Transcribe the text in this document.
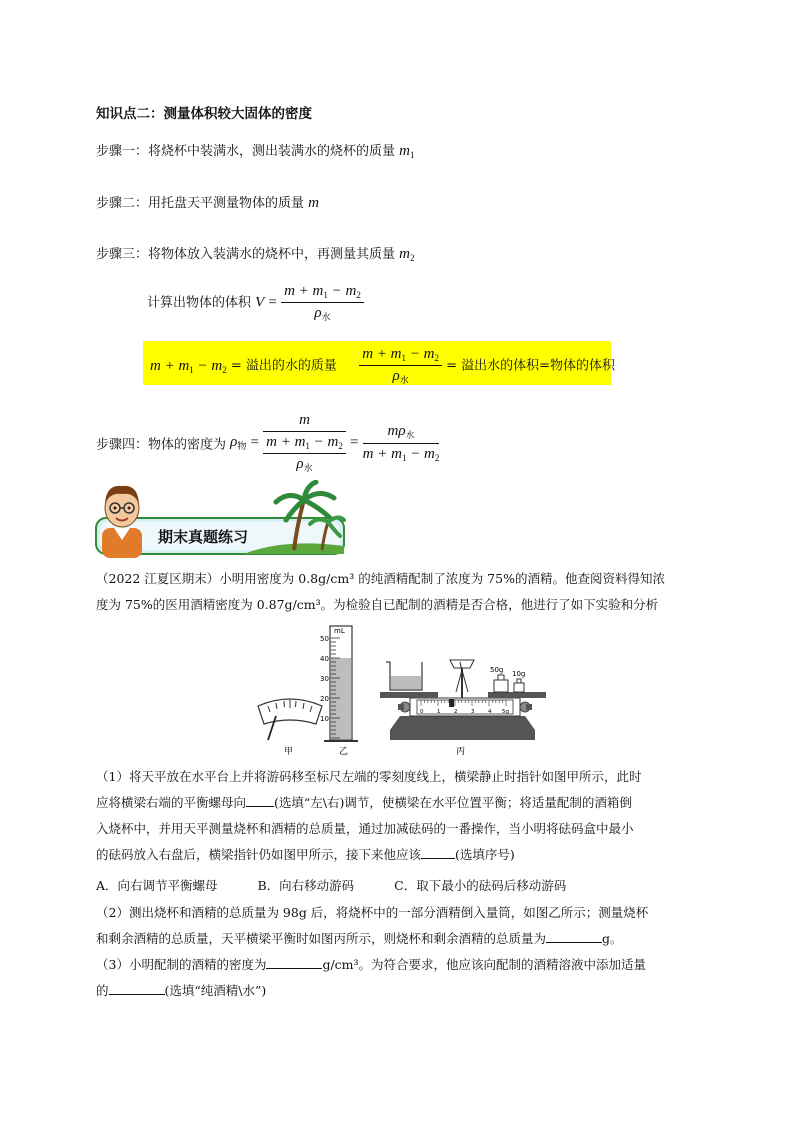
知识点二：测量体积较大固体的密度
步骤一：将烧杯中装满水，测出装满水的烧杯的质量 $m_1$
步骤二：用托盘天平测量物体的质量 m
步骤三：将物体放入装满水的烧杯中，再测量其质量 $m_2$
计算出物体的体积 $V = \frac{m + m_1 - m_2}{\rho_水}$
$m + m_1 - m_2$ = 溢出的水的质量 $\frac{m + m_1 - m_2}{\rho_水}$ = 溢出水的体积=物体的体积
步骤四：物体的密度为 $\rho_物 = \frac{m}{\frac{m + m_1 - m_2}{\rho_水}} = \frac{m\rho_水}{m + m_1 - m_2}$
期末真题练习
（2022 江夏区期末）小明用密度为 0.8g/cm³ 的纯酒精配制了浓度为 75%的酒精。他查阅资料得知浓
度为 75%的医用酒精密度为 0.87g/cm³。为检验自已配制的酒精是否合格，他进行了如下实验和分析
甲
mL
50
40
30
20
10
乙
0 1 2 3 4 5g
50g 10g
丙
（1）将天平放在水平台上并将游码移至标尺左端的零刻度线上，横梁静止时指针如图甲所示，此时
应将横梁右端的平衡螺母向 (选填“左\右)调节，使横梁在水平位置平衡；将适量配制的酒箱倒
入烧杯中，并用天平测量烧杯和酒精的总质量，通过加减砝码的一番操作，当小明将砝码盒中最小
的砝码放入右盘后，横梁指针仍如图甲所示，接下来他应该	(选填序号)
A．向右调节平衡螺母	B．向右移动游码	C．取下最小的砝码后移动游码
（2）测出烧杯和酒精的总质量为 98g 后，将烧杯中的一部分酒精倒入量筒，如图乙所示；测量烧杯
和剩余酒精的总质量，天平横梁平衡时如图丙所示，则烧杯和剩余酒精的总质量为	g。
（3）小明配制的酒精的密度为	g/cm³。为符合要求，他应该向配制的酒精溶液中添加适量
的	(选填“纯酒精\水”)
